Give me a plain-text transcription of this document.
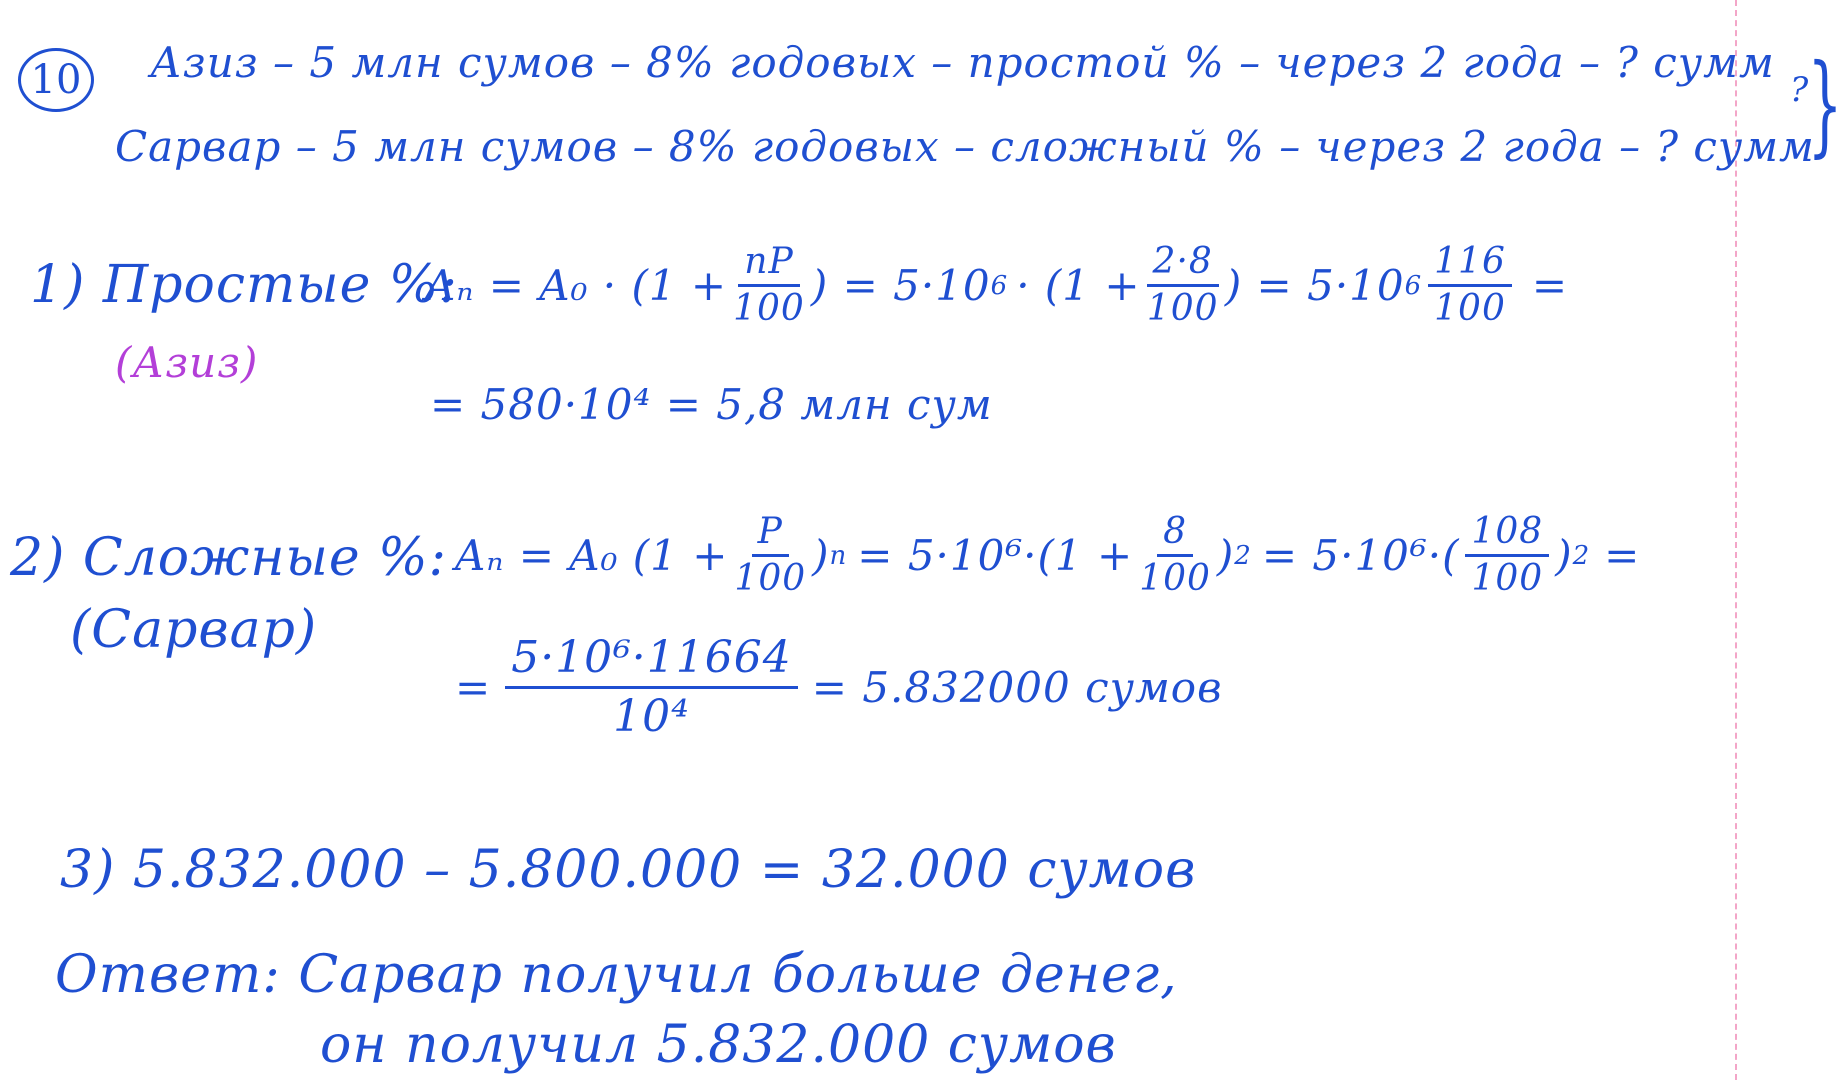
10 Азиз – 5 млн сумов – 8% годовых – простой % – через 2 года – ? сумм
Сарвар – 5 млн сумов – 8% годовых – сложный % – через 2 года – ? сумм
}
?
1) Простые %:
(Азиз)
$A_n = A_0 \cdot (1 + \frac{nP}{100}$ ) = 5·10 $6 \cdot (1 + \frac{2\cdot 8}{100}$ ) = 5·10 $6 \frac{116}{100}$ =
= 580·10⁴ = 5,8 млн сум
2) Сложные %:
(Сарвар)
Aₙ = A₀ ($1 + \frac{P}{100}$ ) $n = 5\cdot 10^6\cdot(1 + \frac{8}{100}$ ) $2 = 5\cdot 10^6\cdot( \frac{108}{100}$ ) 2 =
= $\frac{\text{5·10⁶·11664}}{\text{10⁴}} = 5.832000$ сумов
3) 5.832.000 – 5.800.000 = 32.000 сумов
Ответ: Сарвар получил больше денег,
он получил 5.832.000 сумов
